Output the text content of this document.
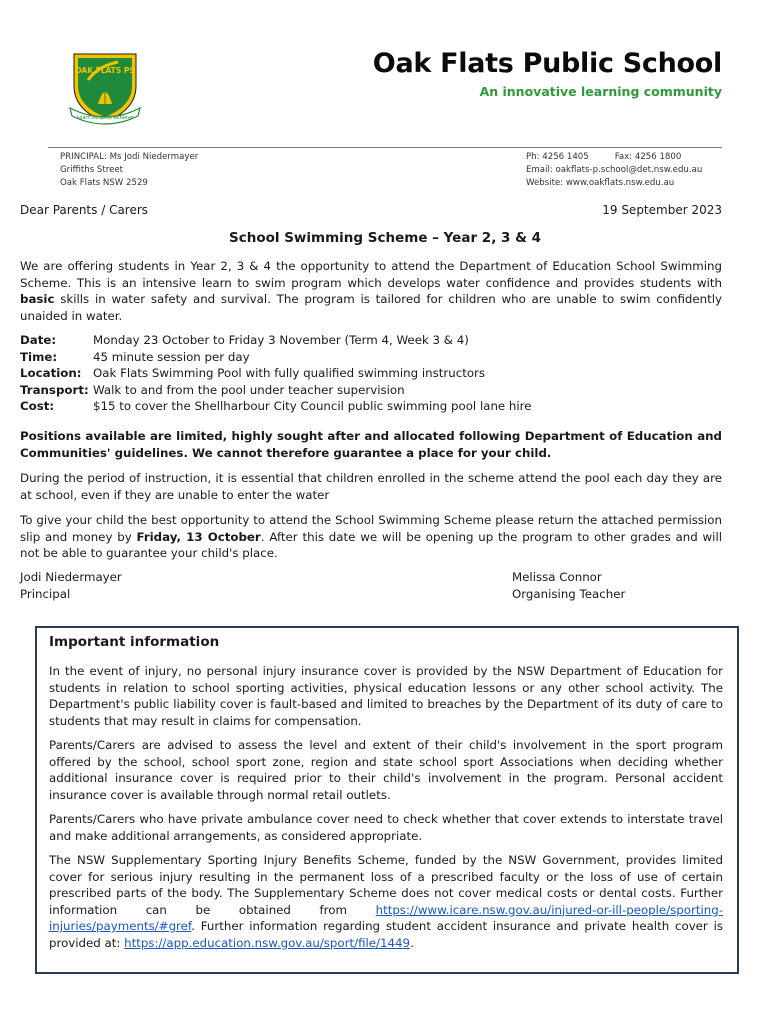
OAK FLATS PS
Learn Respect Achieve
Oak Flats Public School
An innovative learning community
PRINCIPAL: Ms Jodi Niedermayer
Griffiths Street
Oak Flats NSW 2529
Ph: 4256 1405	Fax: 4256 1800
Email: oakflats-p.school@det.nsw.edu.au
Website: www.oakflats.nsw.edu.au
Dear Parents / Carers	19 September 2023
School Swimming Scheme – Year 2, 3 & 4
We are offering students in Year 2, 3 & 4 the opportunity to attend the Department of Education School Swimming Scheme. This is an intensive learn to swim program which develops water confidence and provides students with basic skills in water safety and survival. The program is tailored for children who are unable to swim confidently unaided in water.
Date:	Monday 23 October to Friday 3 November (Term 4, Week 3 & 4)
Time:	45 minute session per day
Location: Oak Flats Swimming Pool with fully qualified swimming instructors
Transport: Walk to and from the pool under teacher supervision
Cost:	$15 to cover the Shellharbour City Council public swimming pool lane hire
Positions available are limited, highly sought after and allocated following Department of Education and Communities' guidelines. We cannot therefore guarantee a place for your child.
During the period of instruction, it is essential that children enrolled in the scheme attend the pool each day they are at school, even if they are unable to enter the water
To give your child the best opportunity to attend the School Swimming Scheme please return the attached permission slip and money by Friday, 13 October. After this date we will be opening up the program to other grades and will not be able to guarantee your child's place.
Jodi Niedermayer
Principal
Melissa Connor
Organising Teacher
Important information
In the event of injury, no personal injury insurance cover is provided by the NSW Department of Education for students in relation to school sporting activities, physical education lessons or any other school activity. The Department's public liability cover is fault-based and limited to breaches by the Department of its duty of care to students that may result in claims for compensation.
Parents/Carers are advised to assess the level and extent of their child's involvement in the sport program offered by the school, school sport zone, region and state school sport Associations when deciding whether additional insurance cover is required prior to their child's involvement in the program. Personal accident insurance cover is available through normal retail outlets.
Parents/Carers who have private ambulance cover need to check whether that cover extends to interstate travel and make additional arrangements, as considered appropriate.
The NSW Supplementary Sporting Injury Benefits Scheme, funded by the NSW Government, provides limited cover for serious injury resulting in the permanent loss of a prescribed faculty or the loss of use of certain prescribed parts of the body. The Supplementary Scheme does not cover medical costs or dental costs. Further information can be obtained from https://www.icare.nsw.gov.au/injured-or-ill-people/sporting-injuries/payments/#gref. Further information regarding student accident insurance and private health cover is provided at: https://app.education.nsw.gov.au/sport/file/1449.
